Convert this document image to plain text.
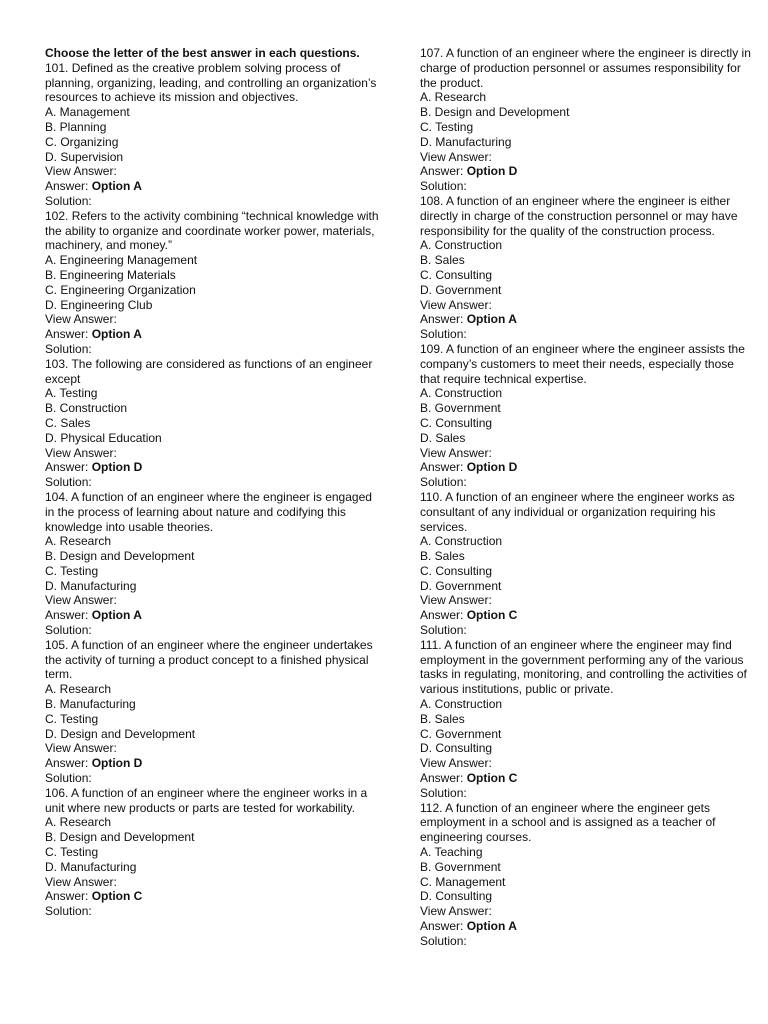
Choose the letter of the best answer in each questions.
101. Defined as the creative problem solving process of planning, organizing, leading, and controlling an organization’s resources to achieve its mission and objectives.
A. Management
B. Planning
C. Organizing
D. Supervision
View Answer:
Answer: Option A
Solution:
102. Refers to the activity combining “technical knowledge with the ability to organize and coordinate worker power, materials, machinery, and money.”
A. Engineering Management
B. Engineering Materials
C. Engineering Organization
D. Engineering Club
View Answer:
Answer: Option A
Solution:
103. The following are considered as functions of an engineer except
A. Testing
B. Construction
C. Sales
D. Physical Education
View Answer:
Answer: Option D
Solution:
104. A function of an engineer where the engineer is engaged in the process of learning about nature and codifying this knowledge into usable theories.
A. Research
B. Design and Development
C. Testing
D. Manufacturing
View Answer:
Answer: Option A
Solution:
105. A function of an engineer where the engineer undertakes the activity of turning a product concept to a finished physical term.
A. Research
B. Manufacturing
C. Testing
D. Design and Development
View Answer:
Answer: Option D
Solution:
106. A function of an engineer where the engineer works in a unit where new products or parts are tested for workability.
A. Research
B. Design and Development
C. Testing
D. Manufacturing
View Answer:
Answer: Option C
Solution:
107. A function of an engineer where the engineer is directly in charge of production personnel or assumes responsibility for the product.
A. Research
B. Design and Development
C. Testing
D. Manufacturing
View Answer:
Answer: Option D
Solution:
108. A function of an engineer where the engineer is either directly in charge of the construction personnel or may have responsibility for the quality of the construction process.
A. Construction
B. Sales
C. Consulting
D. Government
View Answer:
Answer: Option A
Solution:
109. A function of an engineer where the engineer assists the company’s customers to meet their needs, especially those that require technical expertise.
A. Construction
B. Government
C. Consulting
D. Sales
View Answer:
Answer: Option D
Solution:
110. A function of an engineer where the engineer works as consultant of any individual or organization requiring his services.
A. Construction
B. Sales
C. Consulting
D. Government
View Answer:
Answer: Option C
Solution:
111. A function of an engineer where the engineer may find employment in the government performing any of the various tasks in regulating, monitoring, and controlling the activities of various institutions, public or private.
A. Construction
B. Sales
C. Government
D. Consulting
View Answer:
Answer: Option C
Solution:
112. A function of an engineer where the engineer gets employment in a school and is assigned as a teacher of engineering courses.
A. Teaching
B. Government
C. Management
D. Consulting
View Answer:
Answer: Option A
Solution:
